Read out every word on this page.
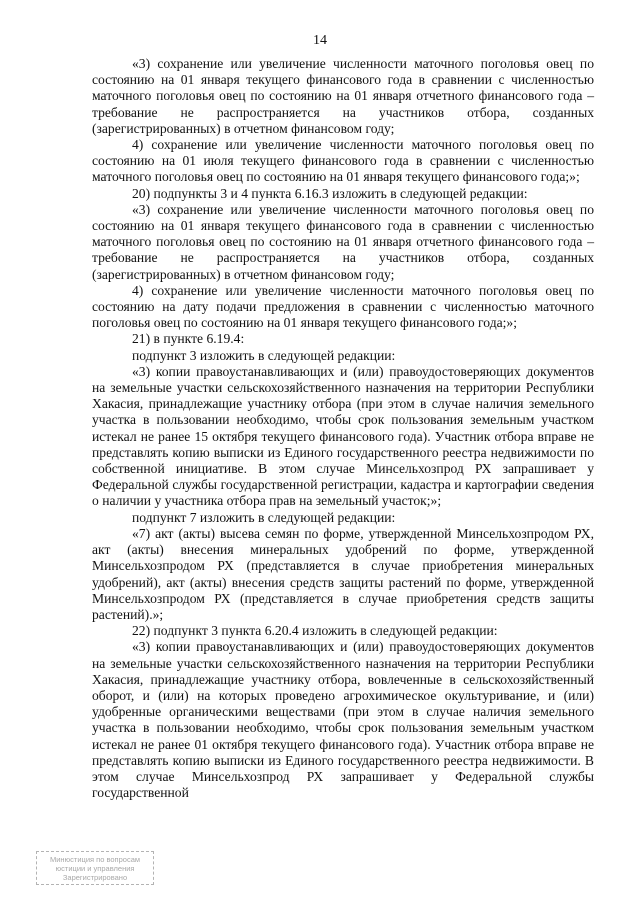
14

«3) сохранение или увеличение численности маточного поголовья овец по состоянию на 01 января текущего финансового года в сравнении с численностью маточного поголовья овец по состоянию на 01 января отчетного финансового года – требование не распространяется на участников отбора, созданных (зарегистрированных) в отчетном финансовом году;

4) сохранение или увеличение численности маточного поголовья овец по состоянию на 01 июля текущего финансового года в сравнении с численностью маточного поголовья овец по состоянию на 01 января текущего финансового года;»;

20) подпункты 3 и 4 пункта 6.16.3 изложить в следующей редакции:

«3) сохранение или увеличение численности маточного поголовья овец по состоянию на 01 января текущего финансового года в сравнении с численностью маточного поголовья овец по состоянию на 01 января отчетного финансового года – требование не распространяется на участников отбора, созданных (зарегистрированных) в отчетном финансовом году;

4) сохранение или увеличение численности маточного поголовья овец по состоянию на дату подачи предложения в сравнении с численностью маточного поголовья овец по состоянию на 01 января текущего финансового года;»;

21) в пункте 6.19.4:

подпункт 3 изложить в следующей редакции:

«3) копии правоустанавливающих и (или) правоудостоверяющих документов на земельные участки сельскохозяйственного назначения на территории Республики Хакасия, принадлежащие участнику отбора (при этом в случае наличия земельного участка в пользовании необходимо, чтобы срок пользования земельным участком истекал не ранее 15 октября текущего финансового года). Участник отбора вправе не представлять копию выписки из Единого государственного реестра недвижимости по собственной инициативе. В этом случае Минсельхозпрод РХ запрашивает у Федеральной службы государственной регистрации, кадастра и картографии сведения о наличии у участника отбора прав на земельный участок;»;

подпункт 7 изложить в следующей редакции:

«7) акт (акты) высева семян по форме, утвержденной Минсельхозпродом РХ, акт (акты) внесения минеральных удобрений по форме, утвержденной Минсельхозпродом РХ (представляется в случае приобретения минеральных удобрений), акт (акты) внесения средств защиты растений по форме, утвержденной Минсельхозпродом РХ (представляется в случае приобретения средств защиты растений).»;

22) подпункт 3 пункта 6.20.4 изложить в следующей редакции:

«3) копии правоустанавливающих и (или) правоудостоверяющих документов на земельные участки сельскохозяйственного назначения на территории Республики Хакасия, принадлежащие участнику отбора, вовлеченные в сельскохозяйственный оборот, и (или) на которых проведено агрохимическое окультуривание, и (или) удобренные органическими веществами (при этом в случае наличия земельного участка в пользовании необходимо, чтобы срок пользования земельным участком истекал не ранее 01 октября текущего финансового года). Участник отбора вправе не представлять копию выписки из Единого государственного реестра недвижимости. В этом случае Минсельхозпрод РХ запрашивает у Федеральной службы государственной

Минюстиция по вопросам
юстиции и управления
Зарегистрировано
